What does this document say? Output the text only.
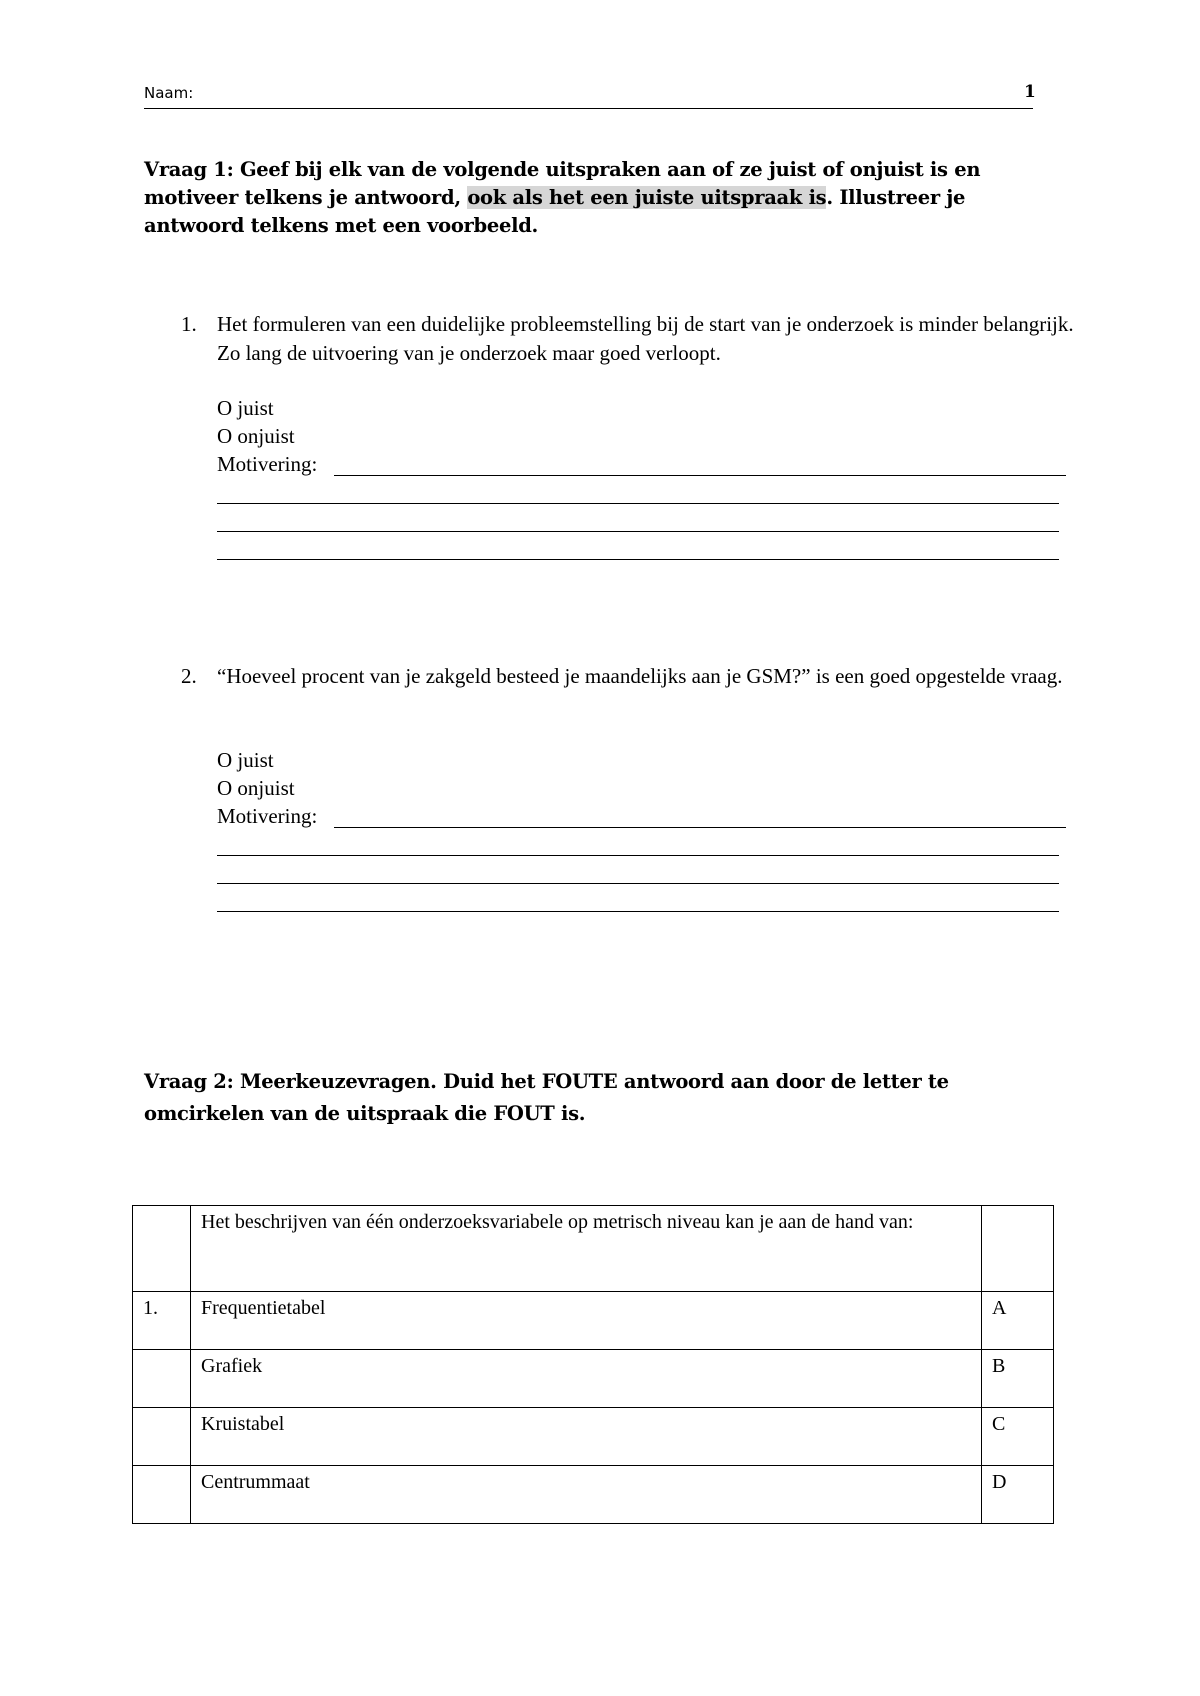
Naam:	1
Vraag 1: Geef bij elk van de volgende uitspraken aan of ze juist of onjuist is en motiveer telkens je antwoord, ook als het een juiste uitspraak is. Illustreer je antwoord telkens met een voorbeeld.
1. Het formuleren van een duidelijke probleemstelling bij de start van je onderzoek is minder belangrijk. Zo lang de uitvoering van je onderzoek maar goed verloopt.
O juist
O onjuist
Motivering:
2. “Hoeveel procent van je zakgeld besteed je maandelijks aan je GSM?” is een goed opgestelde vraag.
O juist
O onjuist
Motivering:
Vraag 2: Meerkeuzevragen. Duid het FOUTE antwoord aan door de letter te omcirkelen van de uitspraak die FOUT is.
	Het beschrijven van één onderzoeksvariabele op metrisch niveau kan je aan de hand van:	
1.	Frequentietabel	A
	Grafiek	B
	Kruistabel	C
	Centrummaat	D
